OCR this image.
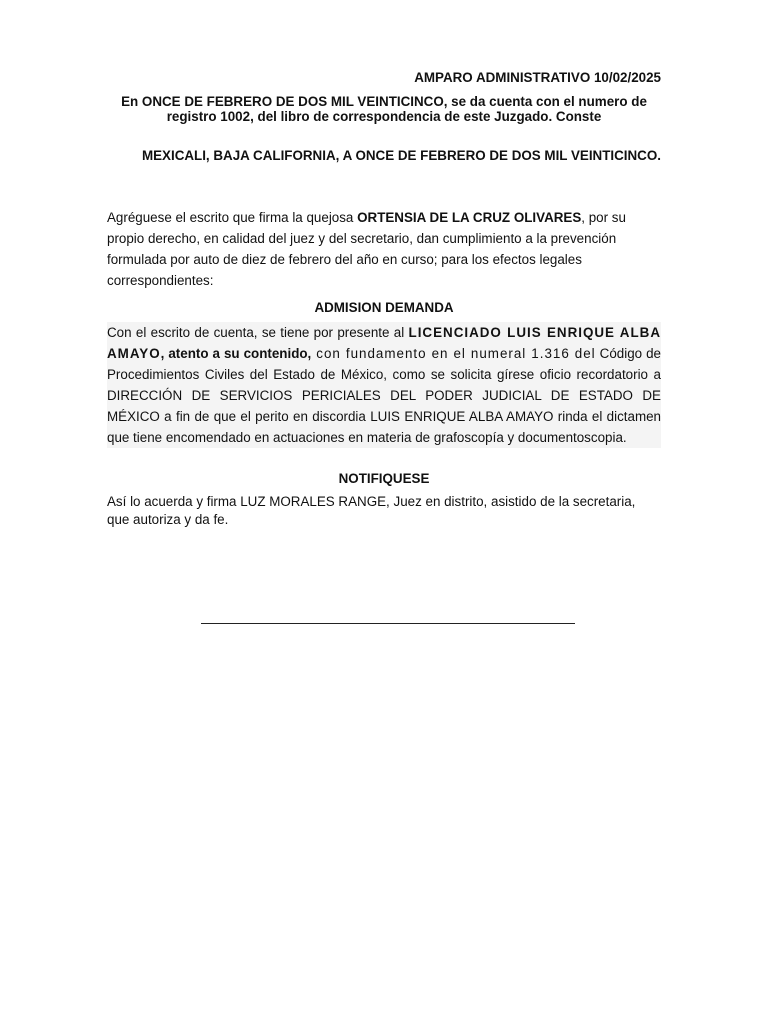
AMPARO ADMINISTRATIVO 10/02/2025
En ONCE DE FEBRERO DE DOS MIL VEINTICINCO, se da cuenta con el numero de registro 1002, del libro de correspondencia de este Juzgado. Conste
MEXICALI, BAJA CALIFORNIA, A ONCE DE FEBRERO DE DOS MIL VEINTICINCO.
Agréguese el escrito que firma la quejosa ORTENSIA DE LA CRUZ OLIVARES, por su propio derecho, en calidad del juez y del secretario, dan cumplimiento a la prevención formulada por auto de diez de febrero del año en curso; para los efectos legales correspondientes:
ADMISION DEMANDA
Con el escrito de cuenta, se tiene por presente al LICENCIADO LUIS ENRIQUE ALBA AMAYO, atento a su contenido, con fundamento en el numeral 1.316 del Código de Procedimientos Civiles del Estado de México, como se solicita gírese oficio recordatorio a DIRECCIÓN DE SERVICIOS PERICIALES DEL PODER JUDICIAL DE ESTADO DE MÉXICO a fin de que el perito en discordia LUIS ENRIQUE ALBA AMAYO rinda el dictamen que tiene encomendado en actuaciones en materia de grafoscopía y documentoscopia.
NOTIFIQUESE
Así lo acuerda y firma LUZ MORALES RANGE, Juez en distrito, asistido de la secretaria, que autoriza y da fe.
